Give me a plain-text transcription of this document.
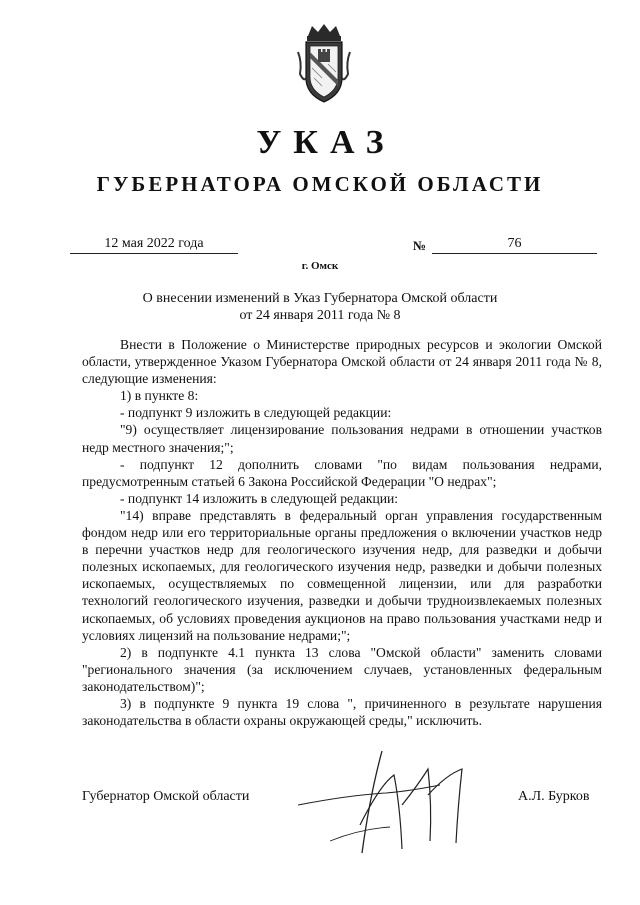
УКАЗ
ГУБЕРНАТОРА ОМСКОЙ ОБЛАСТИ
12 мая 2022 года	№	76
г. Омск
О внесении изменений в Указ Губернатора Омской области
от 24 января 2011 года № 8

Внести в Положение о Министерстве природных ресурсов и экологии Омской области, утвержденное Указом Губернатора Омской области от 24 января 2011 года № 8, следующие изменения:

1) в пункте 8:

- подпункт 9 изложить в следующей редакции:

"9) осуществляет лицензирование пользования недрами в отношении участков недр местного значения;";

- подпункт 12 дополнить словами "по видам пользования недрами, предусмотренным статьей 6 Закона Российской Федерации "О недрах";

- подпункт 14 изложить в следующей редакции:

"14) вправе представлять в федеральный орган управления государственным фондом недр или его территориальные органы предложения о включении участков недр в перечни участков недр для геологического изучения недр, для разведки и добычи полезных ископаемых, для геологического изучения недр, разведки и добычи полезных ископаемых, осуществляемых по совмещенной лицензии, или для разработки технологий геологического изучения, разведки и добычи трудноизвлекаемых полезных ископаемых, об условиях проведения аукционов на право пользования участками недр и условиях лицензий на пользование недрами;";

2) в подпункте 4.1 пункта 13 слова "Омской области" заменить словами "регионального значения (за исключением случаев, установленных федеральным законодательством)";

3) в подпункте 9 пункта 19 слова ", причиненного в результате нарушения законодательства в области охраны окружающей среды," исключить.

Губернатор Омской области	А.Л. Бурков
